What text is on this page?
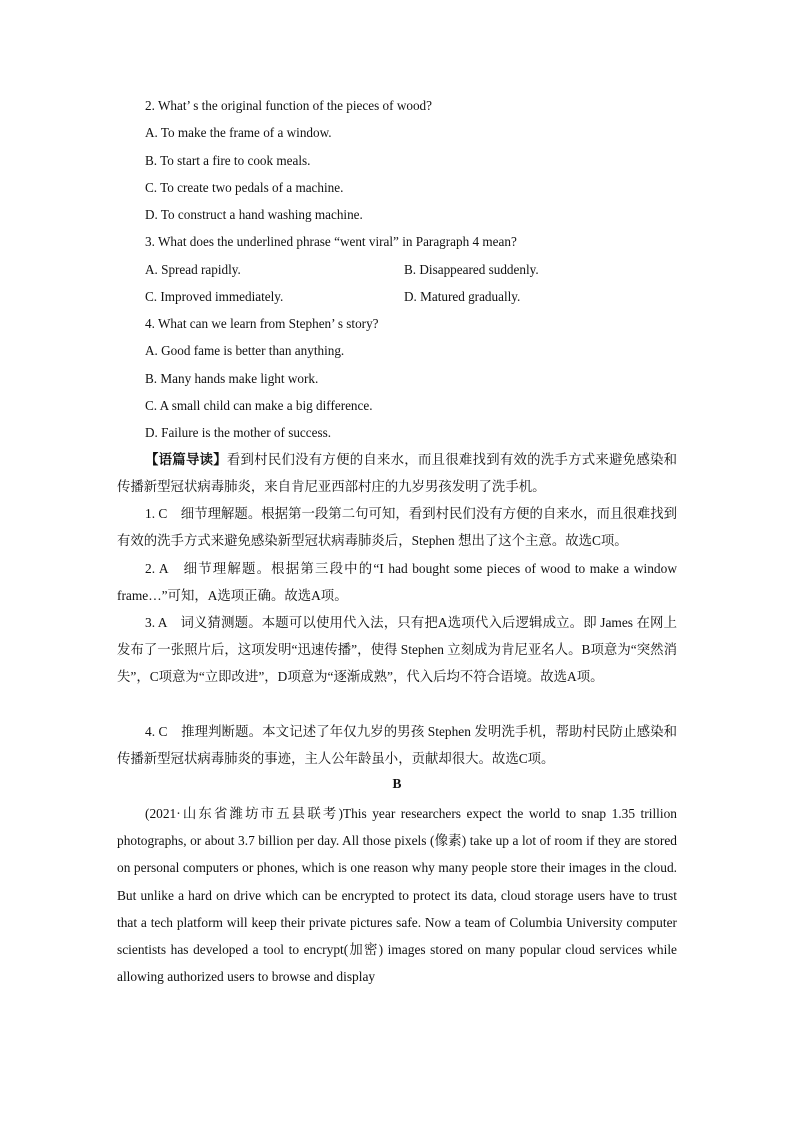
2. What’ s the original function of the pieces of wood?
A. To make the frame of a window.
B. To start a fire to cook meals.
C. To create two pedals of a machine.
D. To construct a hand washing machine.
3. What does the underlined phrase “went viral” in Paragraph 4 mean?
A. Spread rapidly.	B. Disappeared suddenly.
C. Improved immediately.	D. Matured gradually.
4. What can we learn from Stephen’ s story?
A. Good fame is better than anything.
B. Many hands make light work.
C. A small child can make a big difference.
D. Failure is the mother of success.
【语篇导读】看到村民们没有方便的自来水，而且很难找到有效的洗手方式来避免感染和传播新型冠状病毒肺炎，来自肯尼亚西部村庄的九岁男孩发明了洗手机。
1. C　细节理解题。根据第一段第二句可知，看到村民们没有方便的自来水，而且很难找到有效的洗手方式来避免感染新型冠状病毒肺炎后，Stephen 想出了这个主意。故选C项。
2. A　细节理解题。根据第三段中的“I had bought some pieces of wood to make a window frame…”可知，A选项正确。故选A项。
3. A　词义猜测题。本题可以使用代入法，只有把A选项代入后逻辑成立。即 James 在网上发布了一张照片后，这项发明“迅速传播”，使得 Stephen 立刻成为肯尼亚名人。B项意为“突然消失”，C项意为“立即改进”，D项意为“逐渐成熟”，代入后均不符合语境。故选A项。
4. C　推理判断题。本文记述了年仅九岁的男孩 Stephen 发明洗手机，帮助村民防止感染和传播新型冠状病毒肺炎的事迹，主人公年龄虽小，贡献却很大。故选C项。
B
(2021·山东省潍坊市五县联考)This year researchers expect the world to snap 1.35 trillion photographs, or about 3.7 billion per day. All those pixels (像素) take up a lot of room if they are stored on personal computers or phones, which is one reason why many people store their images in the cloud. But unlike a hard on drive which can be encrypted to protect its data, cloud storage users have to trust that a tech platform will keep their private pictures safe. Now a team of Columbia University computer scientists has developed a tool to encrypt(加密) images stored on many popular cloud services while allowing authorized users to browse and display
